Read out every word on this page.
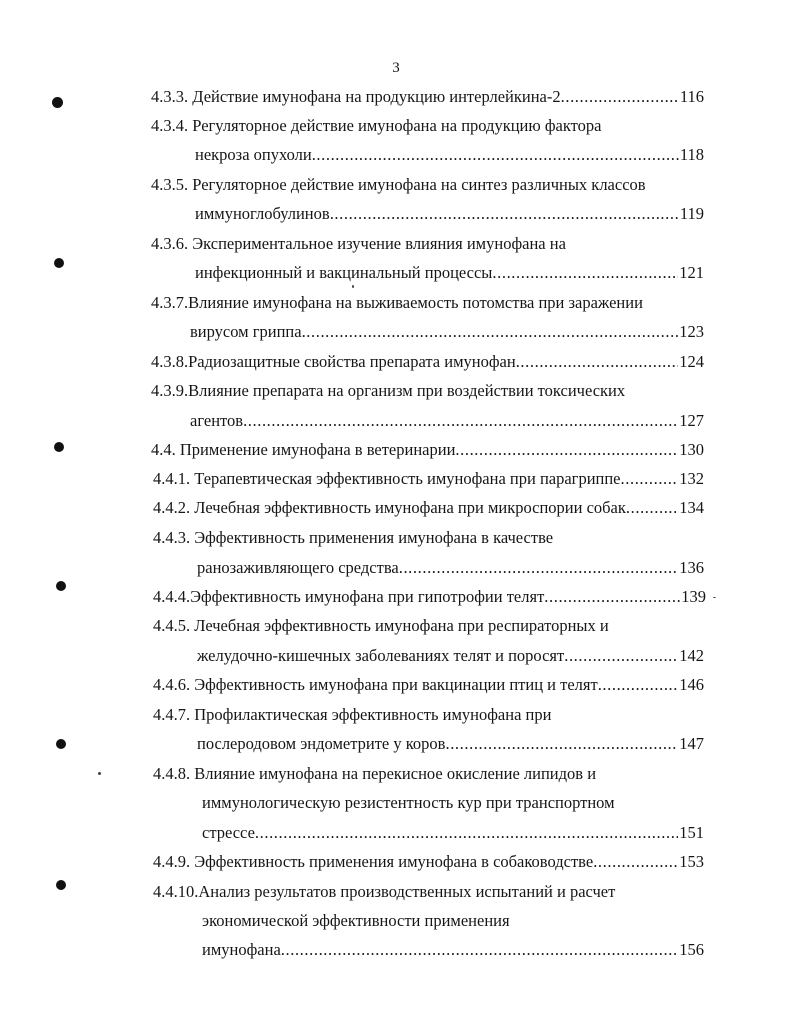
3
4.3.3. Действие имунофана на продукцию интерлейкина-2 .....	116
4.3.4. Регуляторное действие имунофана на продукцию фактора
некроза опухоли .....	118
4.3.5. Регуляторное действие имунофана на синтез различных классов
иммуноглобулинов .....	119
4.3.6. Экспериментальное изучение влияния имунофана на
инфекционный и вакцинальный процессы .....	121
4.3.7.Влияние имунофана на выживаемость потомства при заражении
вирусом гриппа .....	123
4.3.8.Радиозащитные свойства препарата имунофан .....	124
4.3.9.Влияние препарата на организм при воздействии токсических
агентов .....	127
4.4. Применение имунофана в ветеринарии .....	130
4.4.1. Терапевтическая эффективность имунофана при парагриппе .....	132
4.4.2. Лечебная эффективность имунофана при микроспории собак .....	134
4.4.3. Эффективность применения имунофана в качестве
ранозаживляющего средства .....	136
4.4.4.Эффективность имунофана при гипотрофии телят .....	139
4.4.5. Лечебная эффективность имунофана при респираторных и
желудочно-кишечных заболеваниях телят и поросят .....	142
4.4.6. Эффективность имунофана при вакцинации птиц и телят .....	146
4.4.7. Профилактическая эффективность имунофана при
послеродовом эндометрите у коров .....	147
4.4.8. Влияние имунофана на перекисное окисление липидов и
иммунологическую резистентность кур при транспортном
стрессе .....	151
4.4.9. Эффективность применения имунофана в собаководстве .....	153
4.4.10.Анализ результатов производственных испытаний и расчет
экономической эффективности применения
имунофана .....	156
